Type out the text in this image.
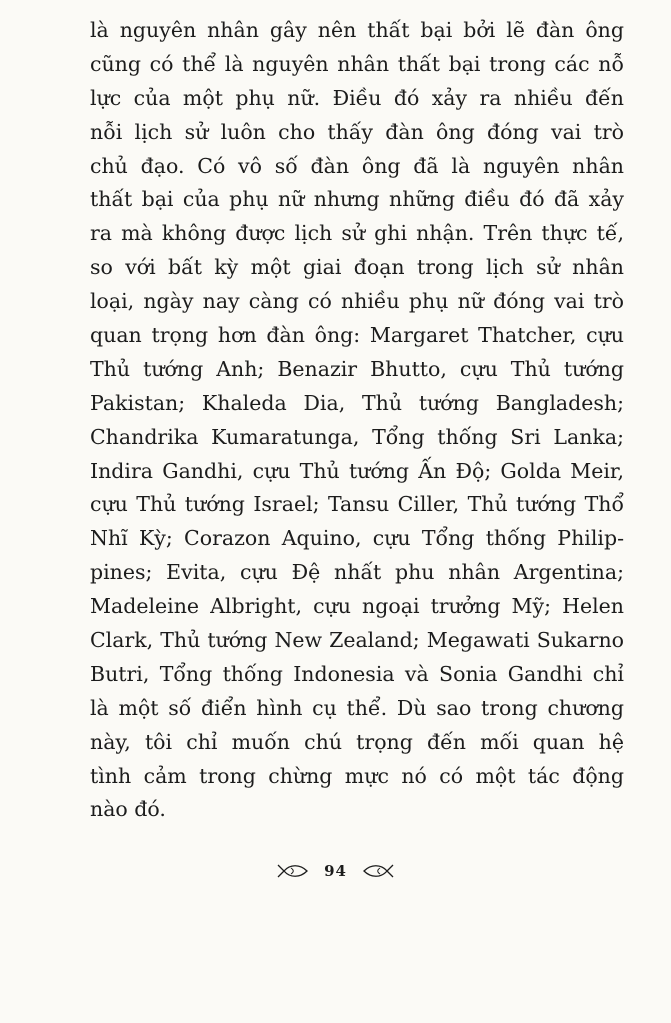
là nguyên nhân gây nên thất bại bởi lẽ đàn ông
cũng có thể là nguyên nhân thất bại trong các nỗ
lực của một phụ nữ. Điều đó xảy ra nhiều đến
nỗi lịch sử luôn cho thấy đàn ông đóng vai trò
chủ đạo. Có vô số đàn ông đã là nguyên nhân
thất bại của phụ nữ nhưng những điều đó đã xảy
ra mà không được lịch sử ghi nhận. Trên thực tế,
so với bất kỳ một giai đoạn trong lịch sử nhân
loại, ngày nay càng có nhiều phụ nữ đóng vai trò
quan trọng hơn đàn ông: Margaret Thatcher, cựu
Thủ tướng Anh; Benazir Bhutto, cựu Thủ tướng
Pakistan; Khaleda Dia, Thủ tướng Bangladesh;
Chandrika Kumaratunga, Tổng thống Sri Lanka;
Indira Gandhi, cựu Thủ tướng Ấn Độ; Golda Meir,
cựu Thủ tướng Israel; Tansu Ciller, Thủ tướng Thổ
Nhĩ Kỳ; Corazon Aquino, cựu Tổng thống Philip-
pines; Evita, cựu Đệ nhất phu nhân Argentina;
Madeleine Albright, cựu ngoại trưởng Mỹ; Helen
Clark, Thủ tướng New Zealand; Megawati Sukarno
Butri, Tổng thống Indonesia và Sonia Gandhi chỉ
là một số điển hình cụ thể. Dù sao trong chương
này, tôi chỉ muốn chú trọng đến mối quan hệ
tình cảm trong chừng mực nó có một tác động
nào đó.
94
